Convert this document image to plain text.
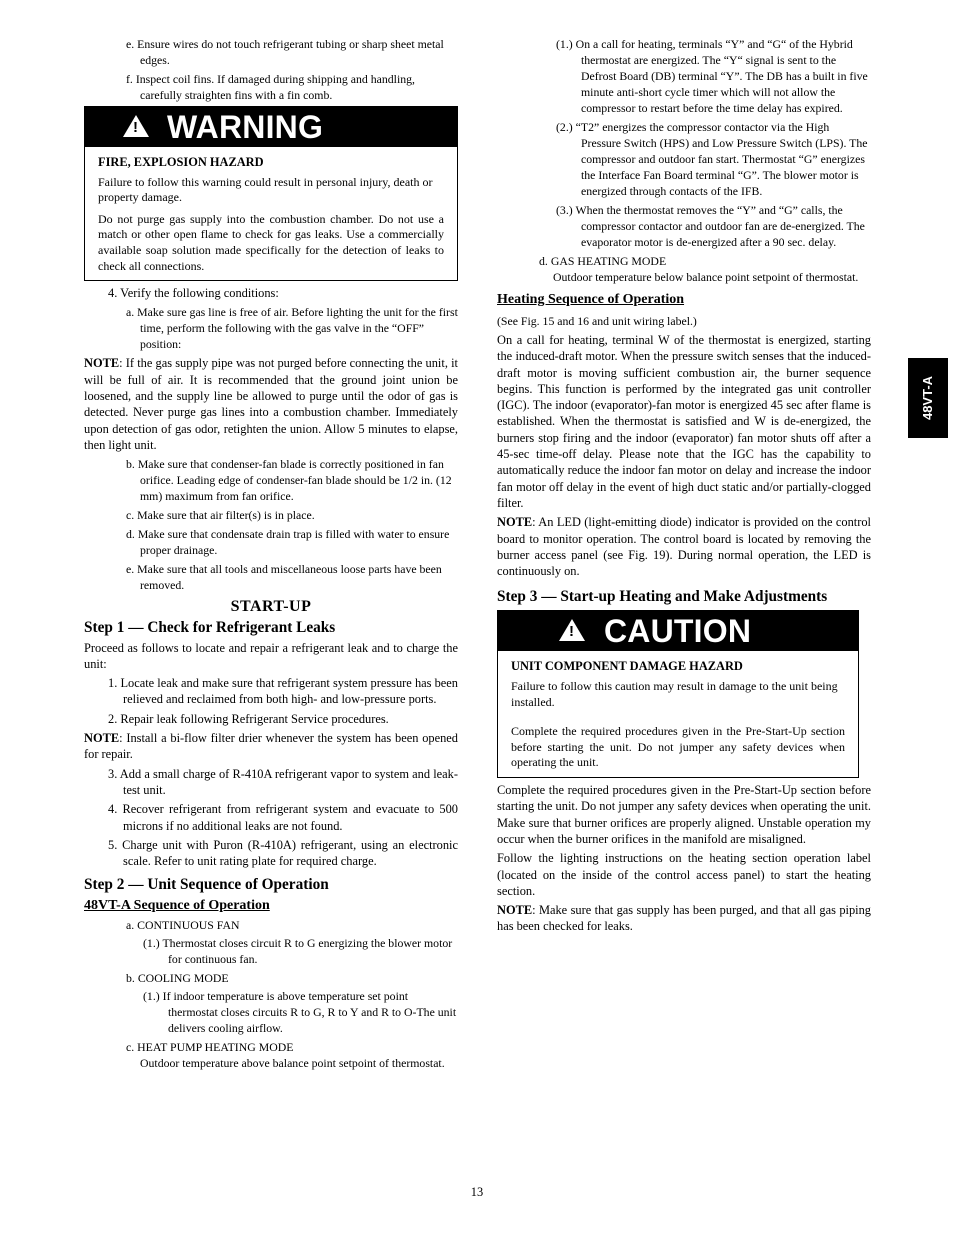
e. Ensure wires do not touch refrigerant tubing or sharp sheet metal edges.

f. Inspect coil fins. If damaged during shipping and handling, carefully straighten fins with a fin comb.

! WARNING
FIRE, EXPLOSION HAZARD

Failure to follow this warning could result in personal injury, death or property damage.

Do not purge gas supply into the combustion chamber. Do not use a match or other open flame to check for gas leaks. Use a commercially available soap solution made specifically for the detection of leaks to check all connections.

4. Verify the following conditions:

a. Make sure gas line is free of air. Before lighting the unit for the first time, perform the following with the gas valve in the “OFF” position:

NOTE: If the gas supply pipe was not purged before connecting the unit, it will be full of air. It is recommended that the ground joint union be loosened, and the supply line be allowed to purge until the odor of gas is detected. Never purge gas lines into a combustion chamber. Immediately upon detection of gas odor, retighten the union. Allow 5 minutes to elapse, then light unit.

b. Make sure that condenser-fan blade is correctly positioned in fan orifice. Leading edge of condenser-fan blade should be 1/2 in. (12 mm) maximum from fan orifice.

c. Make sure that air filter(s) is in place.

d. Make sure that condensate drain trap is filled with water to ensure proper drainage.

e. Make sure that all tools and miscellaneous loose parts have been removed.

START-UP
Step 1 — Check for Refrigerant Leaks

Proceed as follows to locate and repair a refrigerant leak and to charge the unit:

1. Locate leak and make sure that refrigerant system pressure has been relieved and reclaimed from both high- and low-pressure ports.

2. Repair leak following Refrigerant Service procedures.

NOTE: Install a bi-flow filter drier whenever the system has been opened for repair.

3. Add a small charge of R-410A refrigerant vapor to system and leak-test unit.

4. Recover refrigerant from refrigerant system and evacuate to 500 microns if no additional leaks are not found.

5. Charge unit with Puron (R-410A) refrigerant, using an electronic scale. Refer to unit rating plate for required charge.

Step 2 — Unit Sequence of Operation
48VT-A Sequence of Operation

a. CONTINUOUS FAN

(1.) Thermostat closes circuit R to G energizing the blower motor for continuous fan.

b. COOLING MODE

(1.) If indoor temperature is above temperature set point thermostat closes circuits R to G, R to Y and R to O-The unit delivers cooling airflow.

c. HEAT PUMP HEATING MODE

Outdoor temperature above balance point setpoint of thermostat.

(1.) On a call for heating, terminals “Y” and “G“ of the Hybrid thermostat are energized. The “Y“ signal is sent to the Defrost Board (DB) terminal “Y”. The DB has a built in five minute anti-short cycle timer which will not allow the compressor to restart before the time delay has expired.

(2.) “T2” energizes the compressor contactor via the High Pressure Switch (HPS) and Low Pressure Switch (LPS). The compressor and outdoor fan start. Thermostat “G” energizes the Interface Fan Board terminal “G”. The blower motor is energized through contacts of the IFB.

(3.) When the thermostat removes the “Y” and “G” calls, the compressor contactor and outdoor fan are de-energized. The evaporator motor is de-energized after a 90 sec. delay.

d. GAS HEATING MODE

Outdoor temperature below balance point setpoint of thermostat.

Heating Sequence of Operation

(See Fig. 15 and 16 and unit wiring label.)

On a call for heating, terminal W of the thermostat is energized, starting the induced-draft motor. When the pressure switch senses that the induced-draft motor is moving sufficient combustion air, the burner sequence begins. This function is performed by the integrated gas unit controller (IGC). The indoor (evaporator)-fan motor is energized 45 sec after flame is established. When the thermostat is satisfied and W is de-energized, the burners stop firing and the indoor (evaporator) fan motor shuts off after a 45-sec time-off delay. Please note that the IGC has the capability to automatically reduce the indoor fan motor on delay and increase the indoor fan motor off delay in the event of high duct static and/or partially-clogged filter.

NOTE: An LED (light-emitting diode) indicator is provided on the control board to monitor operation. The control board is located by removing the burner access panel (see Fig. 19). During normal operation, the LED is continuously on.

Step 3 — Start-up Heating and Make Adjustments
! CAUTION
UNIT COMPONENT DAMAGE HAZARD

Failure to follow this caution may result in damage to the unit being installed.

Complete the required procedures given in the Pre-Start-Up section before starting the unit. Do not jumper any safety devices when operating the unit.

Complete the required procedures given in the Pre-Start-Up section before starting the unit. Do not jumper any safety devices when operating the unit. Make sure that burner orifices are properly aligned. Unstable operation my occur when the burner orifices in the manifold are misaligned.

Follow the lighting instructions on the heating section operation label (located on the inside of the control access panel) to start the heating section.

NOTE: Make sure that gas supply has been purged, and that all gas piping has been checked for leaks.

48VT-A
13
